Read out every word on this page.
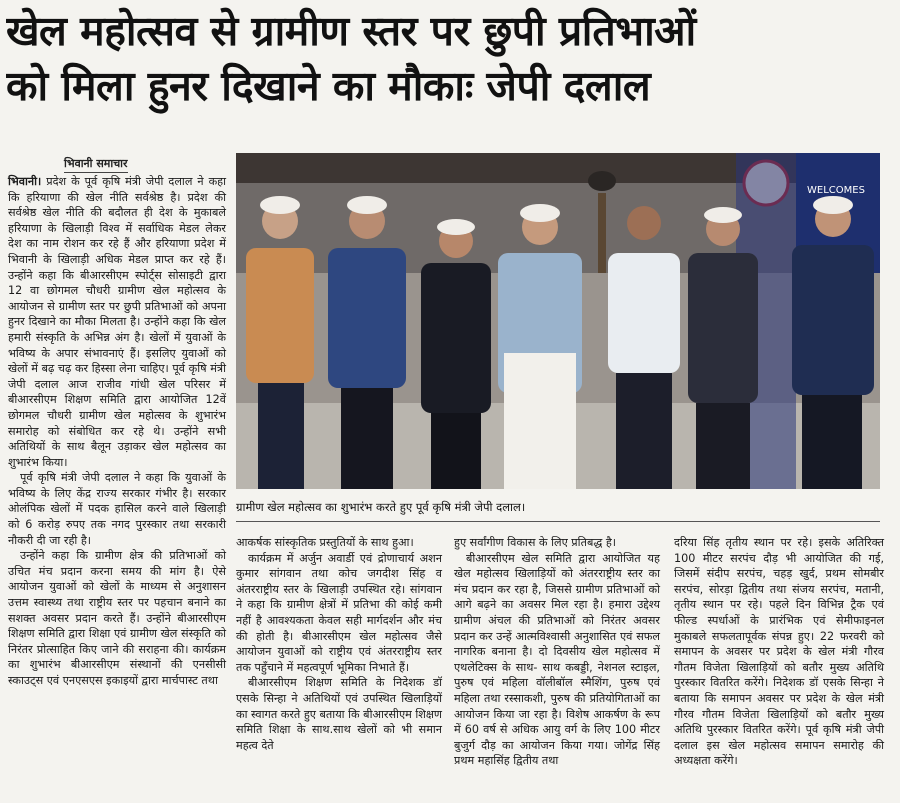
खेल महोत्सव से ग्रामीण स्तर पर छुपी प्रतिभाओं
को मिला हुनर दिखाने का मौकाः जेपी दलाल
भिवानी समाचार

भिवानी। प्रदेश के पूर्व कृषि मंत्री जेपी दलाल ने कहा कि हरियाणा की खेल नीति सर्वश्रेष्ठ है। प्रदेश की सर्वश्रेष्ठ खेल नीति की बदौलत ही देश के मुकाबले हरियाणा के खिलाड़ी विश्व में सर्वाधिक मेडल लेकर देश का नाम रोशन कर रहे हैं और हरियाणा प्रदेश में भिवानी के खिलाड़ी अधिक मेडल प्राप्त कर रहे हैं। उन्होंने कहा कि बीआरसीएम स्पोर्ट्स सोसाइटी द्वारा 12 वा छोगमल चौधरी ग्रामीण खेल महोत्सव के आयोजन से ग्रामीण स्तर पर छुपी प्रतिभाओं को अपना हुनर दिखाने का मौका मिलता है। उन्होंने कहा कि खेल हमारी संस्कृति के अभिन्न अंग है। खेलों में युवाओं के भविष्य के अपार संभावनाएं हैं। इसलिए युवाओं को खेलों में बढ़ चढ़ कर हिस्सा लेना चाहिए। पूर्व कृषि मंत्री जेपी दलाल आज राजीव गांधी खेल परिसर में बीआरसीएम शिक्षण समिति द्वारा आयोजित 12वें छोगमल चौधरी ग्रामीण खेल महोत्सव के शुभारंभ समारोह को संबोधित कर रहे थे। उन्होंने सभी अतिथियों के साथ बैलून उड़ाकर खेल महोत्सव का शुभारंभ किया।

पूर्व कृषि मंत्री जेपी दलाल ने कहा कि युवाओं के भविष्य के लिए केंद्र राज्य सरकार गंभीर है। सरकार ओलंपिक खेलों में पदक हासिल करने वाले खिलाड़ी को 6 करोड़ रुपए तक नगद पुरस्कार तथा सरकारी नौकरी दी जा रही है।

उन्होंने कहा कि ग्रामीण क्षेत्र की प्रतिभाओं को उचित मंच प्रदान करना समय की मांग है। ऐसे आयोजन युवाओं को खेलों के माध्यम से अनुशासन उत्तम स्वास्थ्य तथा राष्ट्रीय स्तर पर पहचान बनाने का सशक्त अवसर प्रदान करते हैं। उन्होंने बीआरसीएम शिक्षण समिति द्वारा शिक्षा एवं ग्रामीण खेल संस्कृति को निरंतर प्रोत्साहित किए जाने की सराहना की। कार्यक्रम का शुभारंभ बीआरसीएम संस्थानों की एनसीसी स्काउट्स एवं एनएसएस इकाइयों द्वारा मार्चपास्ट तथा

WELCOMES
ग्रामीण खेल महोत्सव का शुभारंभ करते हुए पूर्व कृषि मंत्री जेपी दलाल।

आकर्षक सांस्कृतिक प्रस्तुतियों के साथ हुआ।

कार्यक्रम में अर्जुन अवार्डी एवं द्रोणाचार्य अशन कुमार सांगवान तथा कोच जगदीश सिंह व अंतरराष्ट्रीय स्तर के खिलाड़ी उपस्थित रहे। सांगवान ने कहा कि ग्रामीण क्षेत्रों में प्रतिभा की कोई कमी नहीं है आवश्यकता केवल सही मार्गदर्शन और मंच की होती है। बीआरसीएम खेल महोत्सव जैसे आयोजन युवाओं को राष्ट्रीय एवं अंतरराष्ट्रीय स्तर तक पहुँचाने में महत्वपूर्ण भूमिका निभाते हैं।

बीआरसीएम शिक्षण समिति के निदेशक डॉ एसके सिन्हा ने अतिथियों एवं उपस्थित खिलाड़ियों का स्वागत करते हुए बताया कि बीआरसीएम शिक्षण समिति शिक्षा के साथ.साथ खेलों को भी समान महत्व देते

हुए सर्वांगीण विकास के लिए प्रतिबद्ध है।

बीआरसीएम खेल समिति द्वारा आयोजित यह खेल महोत्सव खिलाड़ियों को अंतरराष्ट्रीय स्तर का मंच प्रदान कर रहा है, जिससे ग्रामीण प्रतिभाओं को आगे बढ़ने का अवसर मिल रहा है। हमारा उद्देश्य ग्रामीण अंचल की प्रतिभाओं को निरंतर अवसर प्रदान कर उन्हें आत्मविश्वासी अनुशासित एवं सफल नागरिक बनाना है। दो दिवसीय खेल महोत्सव में एथलेटिक्स के साथ- साथ कबड्डी, नेशनल स्टाइल, पुरुष एवं महिला वॉलीबॉल स्मैशिंग, पुरुष एवं महिला तथा रस्साकशी, पुरुष की प्रतियोगिताओं का आयोजन किया जा रहा है। विशेष आकर्षण के रूप में 60 वर्ष से अधिक आयु वर्ग के लिए 100 मीटर बुजुर्ग दौड़ का आयोजन किया गया। जोगेंद्र सिंह प्रथम महासिंह द्वितीय तथा

दरिया सिंह तृतीय स्थान पर रहे। इसके अतिरिक्त 100 मीटर सरपंच दौड़ भी आयोजित की गई, जिसमें संदीप सरपंच, चहड़ खुर्द, प्रथम सोमबीर सरपंच, सोरड़ा द्वितीय तथा संजय सरपंच, मतानी, तृतीय स्थान पर रहे। पहले दिन विभिन्न ट्रैक एवं फील्ड स्पर्धाओं के प्रारंभिक एवं सेमीफाइनल मुकाबले सफलतापूर्वक संपन्न हुए। 22 फरवरी को समापन के अवसर पर प्रदेश के खेल मंत्री गौरव गौतम विजेता खिलाड़ियों को बतौर मुख्य अतिथि पुरस्कार वितरित करेंगे। निदेशक डॉ एसके सिन्हा ने बताया कि समापन अवसर पर प्रदेश के खेल मंत्री गौरव गौतम विजेता खिलाड़ियों को बतौर मुख्य अतिथि पुरस्कार वितरित करेंगे। पूर्व कृषि मंत्री जेपी दलाल इस खेल महोत्सव समापन समारोह की अध्यक्षता करेंगे।
